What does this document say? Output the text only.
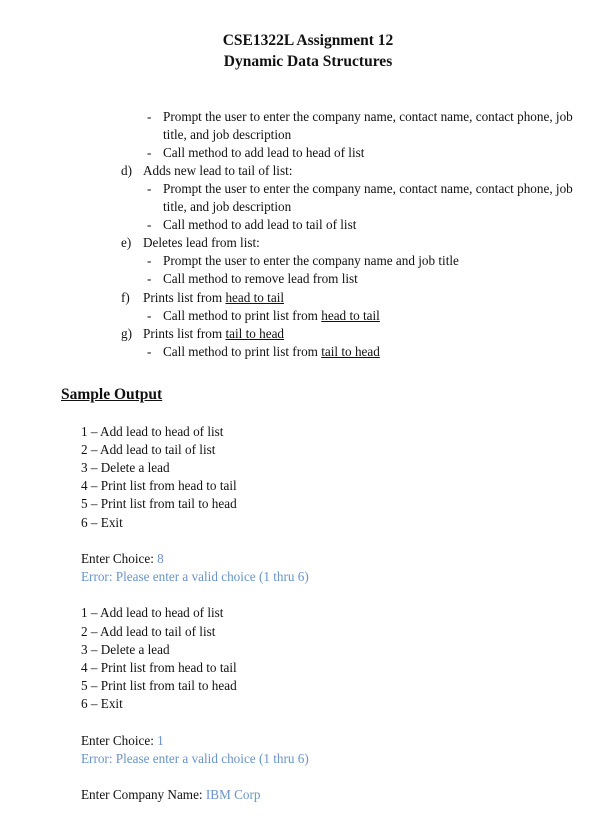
CSE1322L Assignment 12
Dynamic Data Structures
- Prompt the user to enter the company name, contact name, contact phone, job
title, and job description
- Call method to add lead to head of list
d) Adds new lead to tail of list:
- Prompt the user to enter the company name, contact name, contact phone, job
title, and job description
- Call method to add lead to tail of list
e) Deletes lead from list:
- Prompt the user to enter the company name and job title
- Call method to remove lead from list
f) Prints list from head to tail
- Call method to print list from head to tail
g) Prints list from tail to head
- Call method to print list from tail to head
Sample Output
1 – Add lead to head of list
2 – Add lead to tail of list
3 – Delete a lead
4 – Print list from head to tail
5 – Print list from tail to head
6 – Exit
Enter Choice: 8
Error: Please enter a valid choice (1 thru 6)
1 – Add lead to head of list
2 – Add lead to tail of list
3 – Delete a lead
4 – Print list from head to tail
5 – Print list from tail to head
6 – Exit
Enter Choice: 1
Error: Please enter a valid choice (1 thru 6)
Enter Company Name: IBM Corp
